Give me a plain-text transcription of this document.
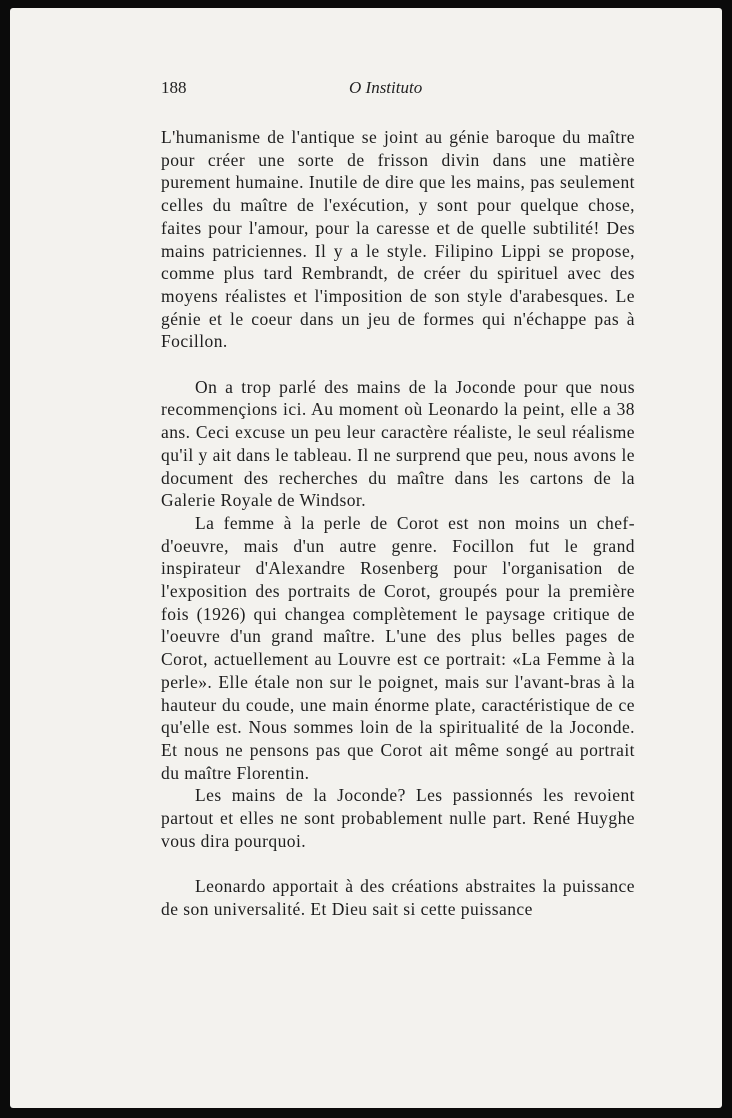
188	O Instituto

L'humanisme de l'antique se joint au génie baroque du maître pour créer une sorte de frisson divin dans une matière purement humaine. Inutile de dire que les mains, pas seulement celles du maître de l'exécution, y sont pour quelque chose, faites pour l'amour, pour la caresse et de quelle subtilité! Des mains patriciennes. Il y a le style. Filipino Lippi se propose, comme plus tard Rembrandt, de créer du spirituel avec des moyens réalistes et l'imposition de son style d'arabesques. Le génie et le coeur dans un jeu de formes qui n'échappe pas à Focillon.

On a trop parlé des mains de la Joconde pour que nous recommençions ici. Au moment où Leonardo la peint, elle a 38 ans. Ceci excuse un peu leur caractère réaliste, le seul réalisme qu'il y ait dans le tableau. Il ne surprend que peu, nous avons le document des recherches du maître dans les cartons de la Galerie Royale de Windsor.

La femme à la perle de Corot est non moins un chef-d'oeuvre, mais d'un autre genre. Focillon fut le grand inspirateur d'Alexandre Rosenberg pour l'organisation de l'exposition des portraits de Corot, groupés pour la première fois (1926) qui changea complètement le paysage critique de l'oeuvre d'un grand maître. L'une des plus belles pages de Corot, actuellement au Louvre est ce portrait: «La Femme à la perle». Elle étale non sur le poignet, mais sur l'avant-bras à la hauteur du coude, une main énorme plate, caractéristique de ce qu'elle est. Nous sommes loin de la spiritualité de la Joconde. Et nous ne pensons pas que Corot ait même songé au portrait du maître Florentin.

Les mains de la Joconde? Les passionnés les revoient partout et elles ne sont probablement nulle part. René Huyghe vous dira pourquoi.

Leonardo apportait à des créations abstraites la puissance de son universalité. Et Dieu sait si cette puissance
